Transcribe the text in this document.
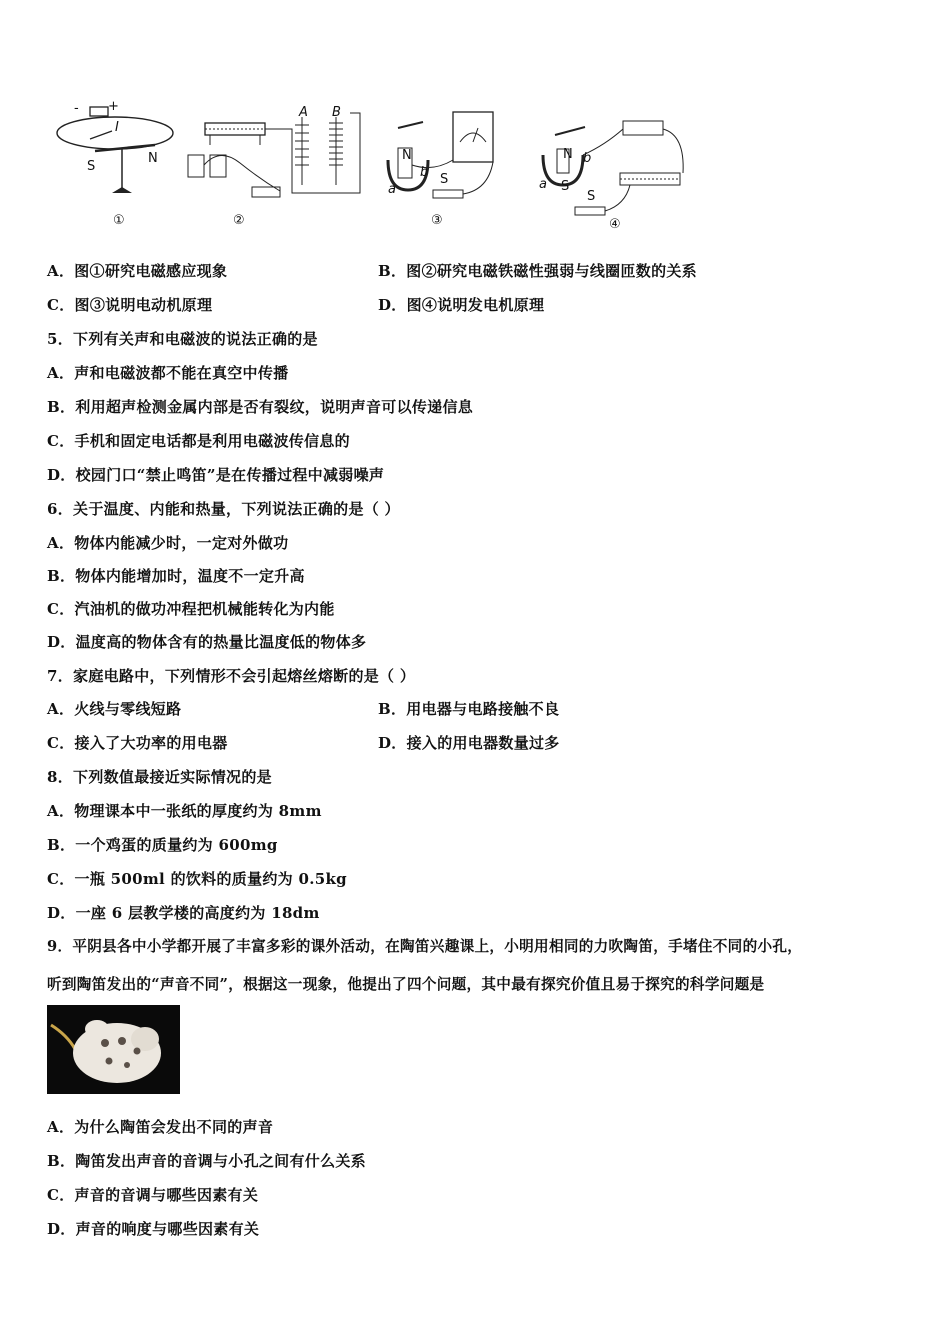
- +
I
S
N
①
A B
②
N
b
a
S
③
N b
a S
S
④
A．图①研究电磁感应现象	B．图②研究电磁铁磁性强弱与线圈匝数的关系
C．图③说明电动机原理	D．图④说明发电机原理
5．下列有关声和电磁波的说法正确的是
A．声和电磁波都不能在真空中传播
B．利用超声检测金属内部是否有裂纹，说明声音可以传递信息
C．手机和固定电话都是利用电磁波传信息的
D．校园门口“禁止鸣笛”是在传播过程中减弱噪声
6．关于温度、内能和热量，下列说法正确的是（ ）
A．物体内能减少时，一定对外做功
B．物体内能增加时，温度不一定升高
C．汽油机的做功冲程把机械能转化为内能
D．温度高的物体含有的热量比温度低的物体多
7．家庭电路中，下列情形不会引起熔丝熔断的是（ ）
A．火线与零线短路	B．用电器与电路接触不良
C．接入了大功率的用电器	D．接入的用电器数量过多
8．下列数值最接近实际情况的是
A．物理课本中一张纸的厚度约为 8mm
B．一个鸡蛋的质量约为 600mg
C．一瓶 500ml 的饮料的质量约为 0.5kg
D．一座 6 层教学楼的高度约为 18dm
9．平阴县各中小学都开展了丰富多彩的课外活动，在陶笛兴趣课上，小明用相同的力吹陶笛，手堵住不同的小孔，
听到陶笛发出的“声音不同”，根据这一现象，他提出了四个问题，其中最有探究价值且易于探究的科学问题是
A．为什么陶笛会发出不同的声音
B．陶笛发出声音的音调与小孔之间有什么关系
C．声音的音调与哪些因素有关
D．声音的响度与哪些因素有关
